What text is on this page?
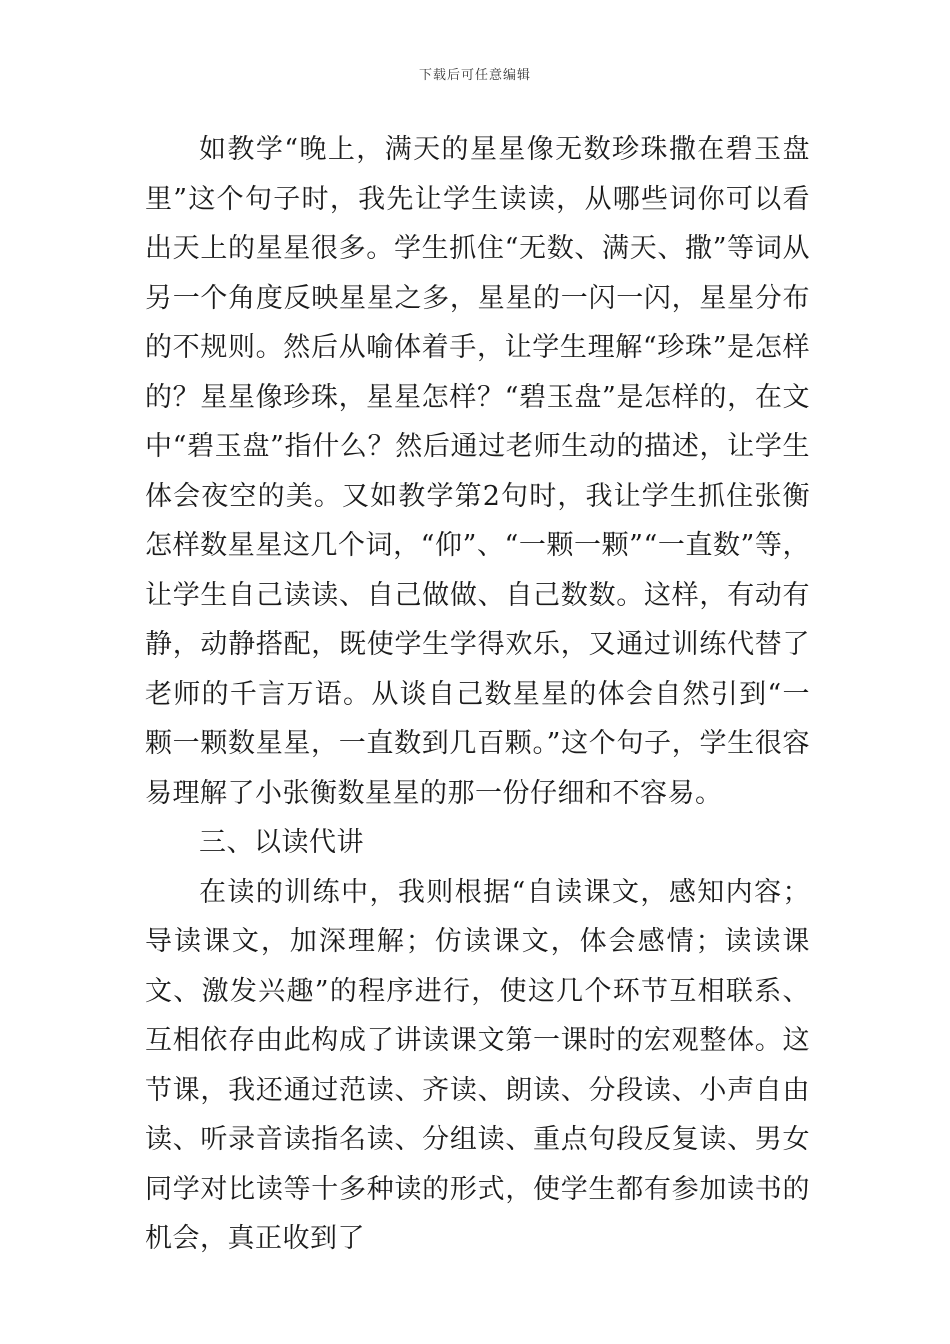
下载后可任意编辑

如教学“晚上，满天的星星像无数珍珠撒在碧玉盘里”这个句子时，我先让学生读读，从哪些词你可以看出天上的星星很多。学生抓住“无数、满天、撒”等词从另一个角度反映星星之多，星星的一闪一闪，星星分布的不规则。然后从喻体着手，让学生理解“珍珠”是怎样的？星星像珍珠，星星怎样？“碧玉盘”是怎样的，在文中“碧玉盘”指什么？然后通过老师生动的描述，让学生体会夜空的美。又如教学第2句时，我让学生抓住张衡怎样数星星这几个词，“仰”、“一颗一颗”“一直数”等，让学生自己读读、自己做做、自己数数。这样，有动有静，动静搭配，既使学生学得欢乐，又通过训练代替了老师的千言万语。从谈自己数星星的体会自然引到“一颗一颗数星星，一直数到几百颗。”这个句子，学生很容易理解了小张衡数星星的那一份仔细和不容易。

三、以读代讲

在读的训练中，我则根据“自读课文，感知内容；导读课文，加深理解；仿读课文，体会感情；读读课文、激发兴趣”的程序进行，使这几个环节互相联系、互相依存由此构成了讲读课文第一课时的宏观整体。这节课，我还通过范读、齐读、朗读、分段读、小声自由读、听录音读指名读、分组读、重点句段反复读、男女同学对比读等十多种读的形式，使学生都有参加读书的机会，真正收到了
